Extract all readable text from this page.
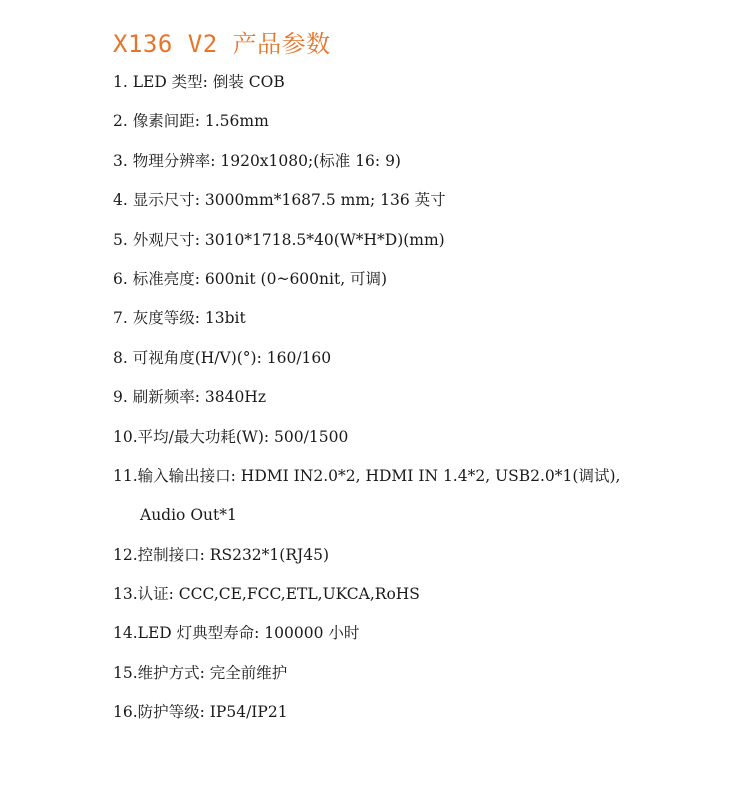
X136 V2 产品参数
1. LED 类型: 倒装 COB
2. 像素间距: 1.56mm
3. 物理分辨率: 1920x1080;(标准 16: 9)
4. 显示尺寸: 3000mm*1687.5 mm; 136 英寸
5. 外观尺寸: 3010*1718.5*40(W*H*D)(mm)
6. 标准亮度: 600nit (0~600nit, 可调)
7. 灰度等级: 13bit
8. 可视角度(H/V)(°): 160/160
9. 刷新频率: 3840Hz
10.平均/最大功耗(W): 500/1500
11.输入输出接口: HDMI IN2.0*2, HDMI IN 1.4*2, USB2.0*1(调试),
Audio Out*1
12.控制接口: RS232*1(RJ45)
13.认证: CCC,CE,FCC,ETL,UKCA,RoHS
14.LED 灯典型寿命: 100000 小时
15.维护方式: 完全前维护
16.防护等级: IP54/IP21
